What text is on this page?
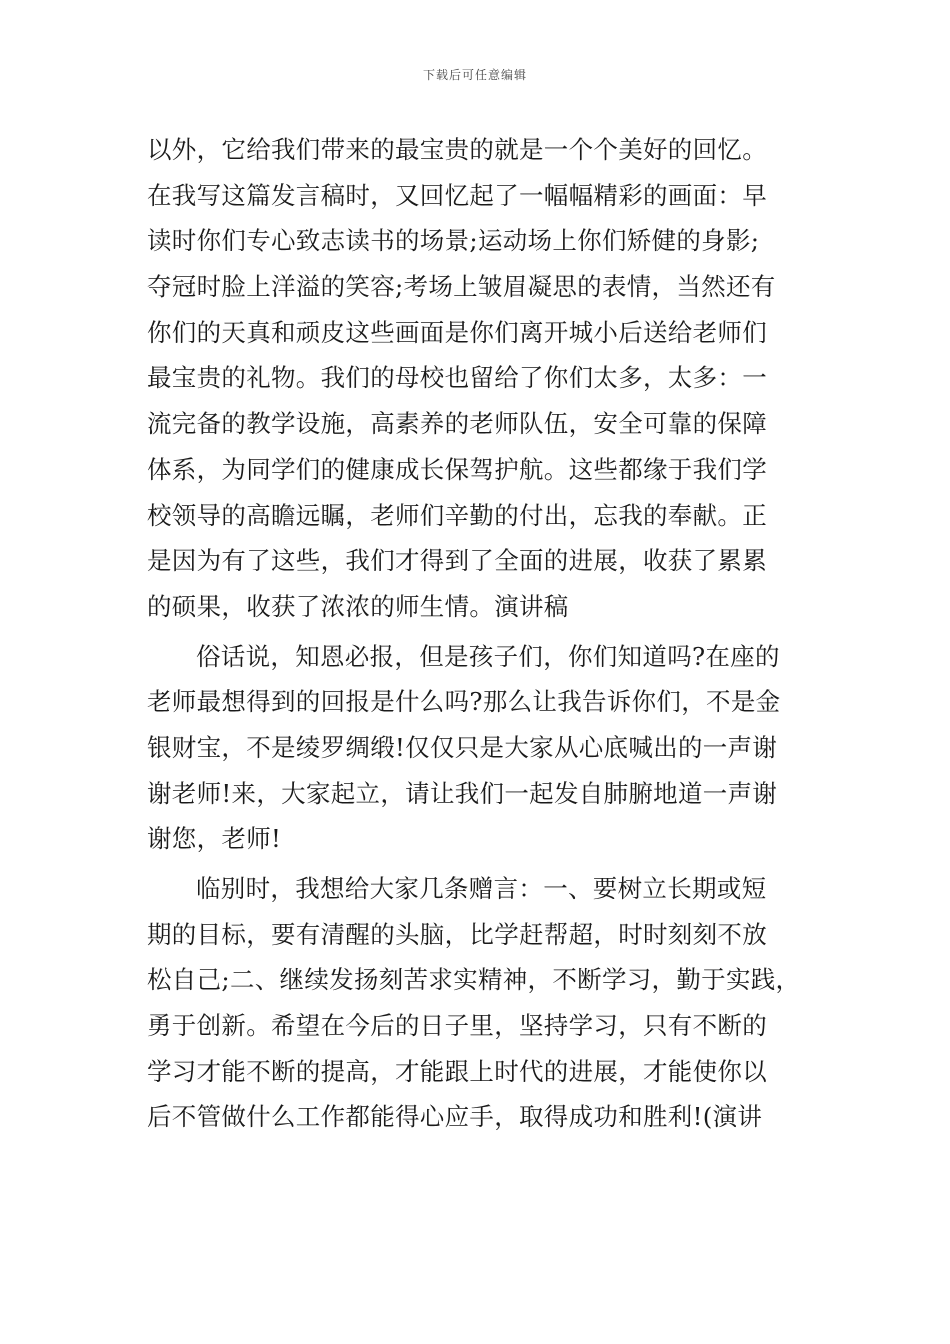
下载后可任意编辑
以外，它给我们带来的最宝贵的就是一个个美好的回忆。
在我写这篇发言稿时，又回忆起了一幅幅精彩的画面：早
读时你们专心致志读书的场景;运动场上你们矫健的身影;
夺冠时脸上洋溢的笑容;考场上皱眉凝思的表情，当然还有
你们的天真和顽皮这些画面是你们离开城小后送给老师们
最宝贵的礼物。我们的母校也留给了你们太多，太多：一
流完备的教学设施，高素养的老师队伍，安全可靠的保障
体系，为同学们的健康成长保驾护航。这些都缘于我们学
校领导的高瞻远瞩，老师们辛勤的付出，忘我的奉献。正
是因为有了这些，我们才得到了全面的进展，收获了累累
的硕果，收获了浓浓的师生情。演讲稿
俗话说，知恩必报，但是孩子们，你们知道吗?在座的
老师最想得到的回报是什么吗?那么让我告诉你们，不是金
银财宝，不是绫罗绸缎!仅仅只是大家从心底喊出的一声谢
谢老师!来，大家起立，请让我们一起发自肺腑地道一声谢
谢您，老师!
临别时，我想给大家几条赠言：一、要树立长期或短
期的目标，要有清醒的头脑，比学赶帮超，时时刻刻不放
松自己;二、继续发扬刻苦求实精神，不断学习，勤于实践，
勇于创新。希望在今后的日子里，坚持学习，只有不断的
学习才能不断的提高，才能跟上时代的进展，才能使你以
后不管做什么工作都能得心应手，取得成功和胜利!(演讲
